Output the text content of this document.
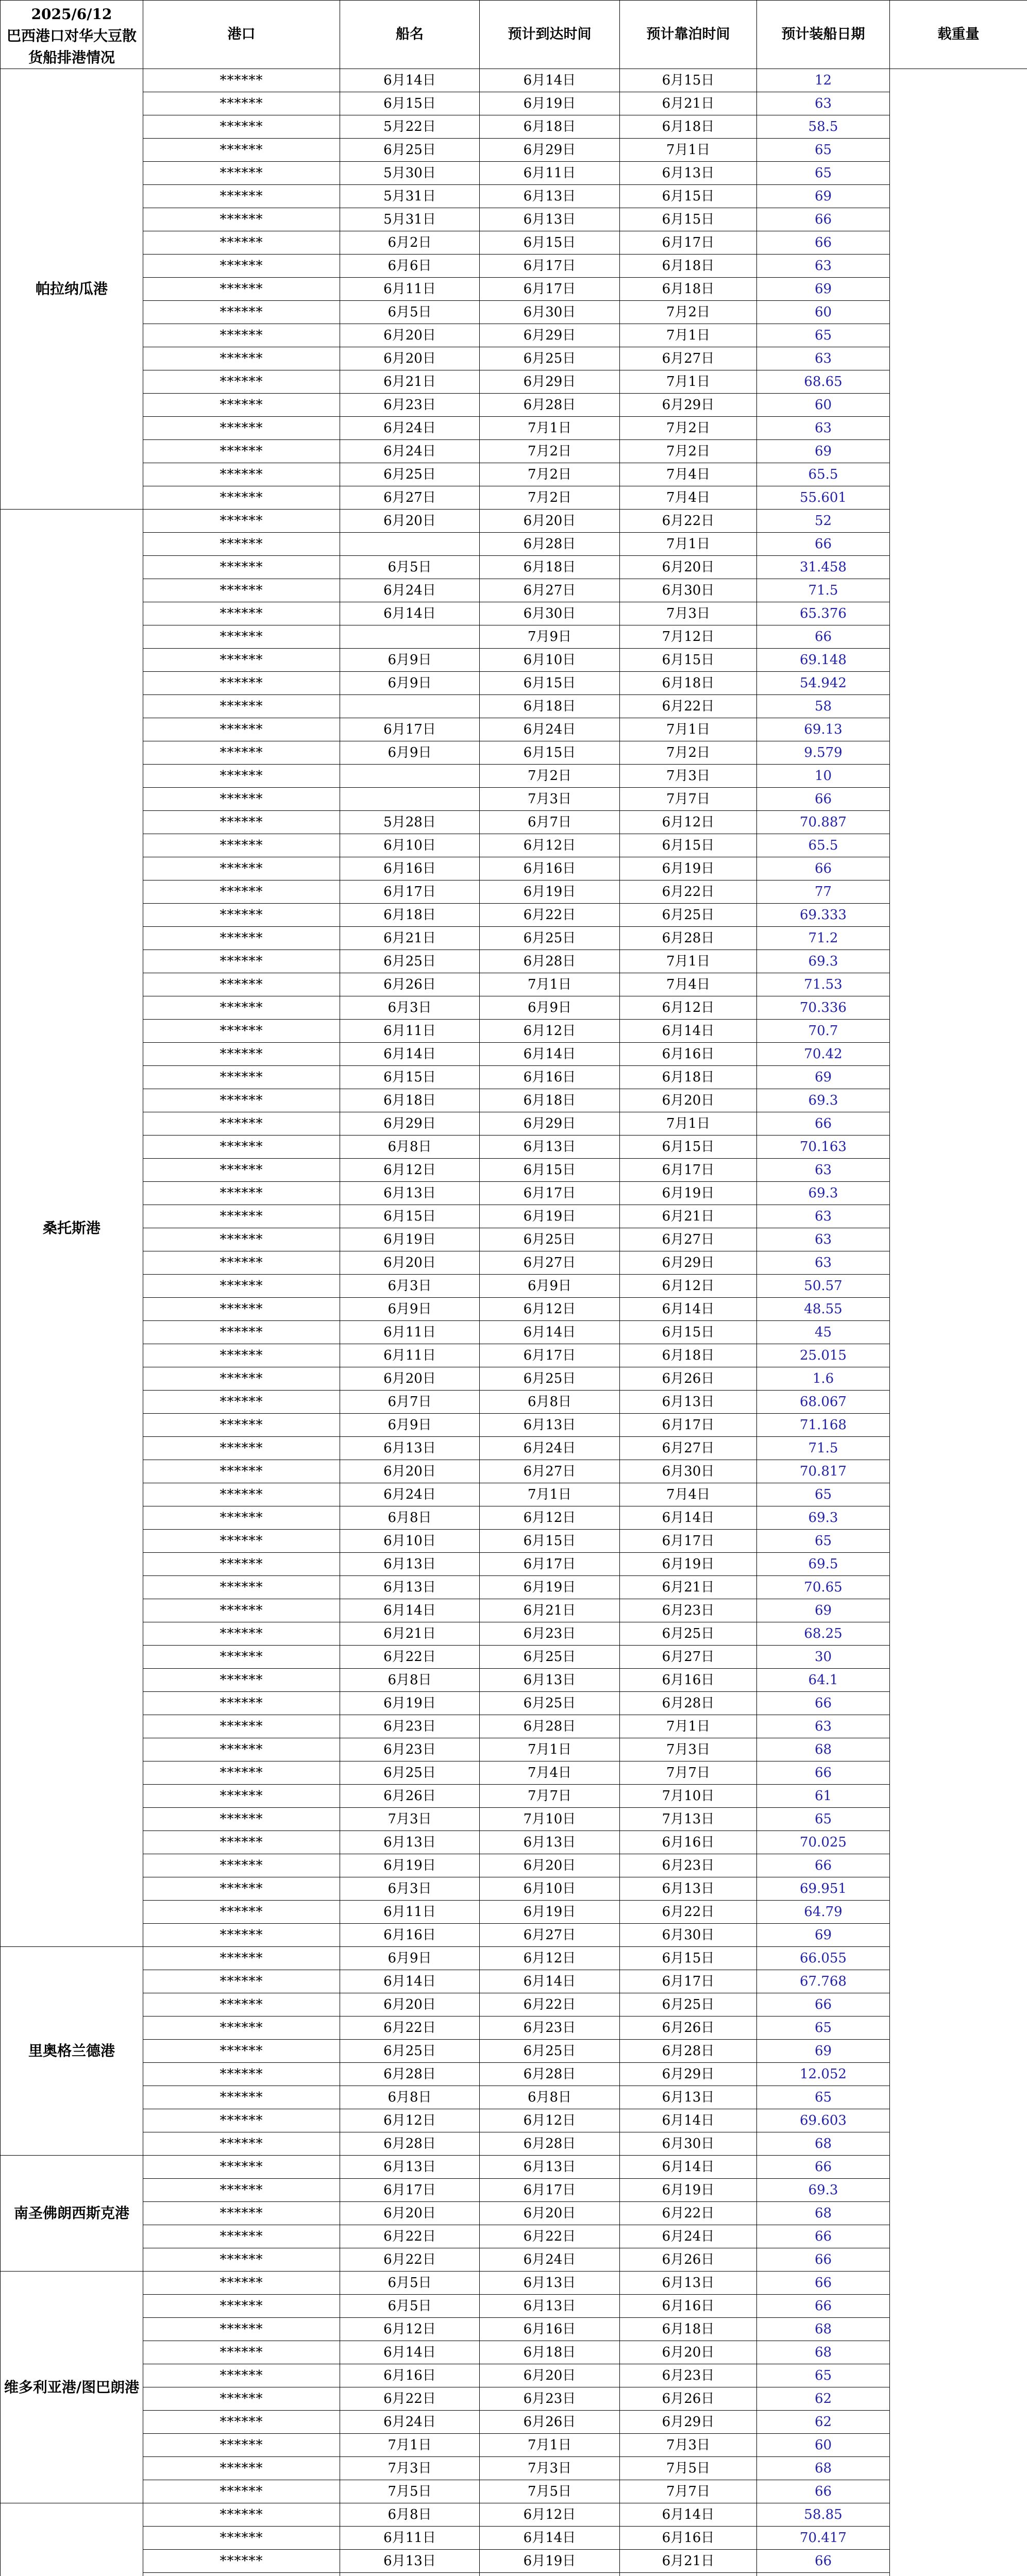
2025/6/12
巴西港口对华大豆散货船排港情况	港口	船名	预计到达时间	预计靠泊时间	预计装船日期	载重量
帕拉纳瓜港	******	6月14日	6月14日	6月15日	12	
	******	6月15日	6月19日	6月21日	63	
	******	5月22日	6月18日	6月18日	58.5	
	******	6月25日	6月29日	7月1日	65	
	******	5月30日	6月11日	6月13日	65	
	******	5月31日	6月13日	6月15日	69	
	******	5月31日	6月13日	6月15日	66	
	******	6月2日	6月15日	6月17日	66	
	******	6月6日	6月17日	6月18日	63	
	******	6月11日	6月17日	6月18日	69	
	******	6月5日	6月30日	7月2日	60	
	******	6月20日	6月29日	7月1日	65	
	******	6月20日	6月25日	6月27日	63	
	******	6月21日	6月29日	7月1日	68.65	
	******	6月23日	6月28日	6月29日	60	
	******	6月24日	7月1日	7月2日	63	
	******	6月24日	7月2日	7月2日	69	
	******	6月25日	7月2日	7月4日	65.5	
	******	6月27日	7月2日	7月4日	55.601	
桑托斯港	******	6月20日	6月20日	6月22日	52	
	******		6月28日	7月1日	66	
	******	6月5日	6月18日	6月20日	31.458	
	******	6月24日	6月27日	6月30日	71.5	
	******	6月14日	6月30日	7月3日	65.376	
	******		7月9日	7月12日	66	
	******	6月9日	6月10日	6月15日	69.148	
	******	6月9日	6月15日	6月18日	54.942	
	******		6月18日	6月22日	58	
	******	6月17日	6月24日	7月1日	69.13	
	******	6月9日	6月15日	7月2日	9.579	
	******		7月2日	7月3日	10	
	******		7月3日	7月7日	66	
	******	5月28日	6月7日	6月12日	70.887	
	******	6月10日	6月12日	6月15日	65.5	
	******	6月16日	6月16日	6月19日	66	
	******	6月17日	6月19日	6月22日	77	
	******	6月18日	6月22日	6月25日	69.333	
	******	6月21日	6月25日	6月28日	71.2	
	******	6月25日	6月28日	7月1日	69.3	
	******	6月26日	7月1日	7月4日	71.53	
	******	6月3日	6月9日	6月12日	70.336	
	******	6月11日	6月12日	6月14日	70.7	
	******	6月14日	6月14日	6月16日	70.42	
	******	6月15日	6月16日	6月18日	69	
	******	6月18日	6月18日	6月20日	69.3	
	******	6月29日	6月29日	7月1日	66	
	******	6月8日	6月13日	6月15日	70.163	
	******	6月12日	6月15日	6月17日	63	
	******	6月13日	6月17日	6月19日	69.3	
	******	6月15日	6月19日	6月21日	63	
	******	6月19日	6月25日	6月27日	63	
	******	6月20日	6月27日	6月29日	63	
	******	6月3日	6月9日	6月12日	50.57	
	******	6月9日	6月12日	6月14日	48.55	
	******	6月11日	6月14日	6月15日	45	
	******	6月11日	6月17日	6月18日	25.015	
	******	6月20日	6月25日	6月26日	1.6	
	******	6月7日	6月8日	6月13日	68.067	
	******	6月9日	6月13日	6月17日	71.168	
	******	6月13日	6月24日	6月27日	71.5	
	******	6月20日	6月27日	6月30日	70.817	
	******	6月24日	7月1日	7月4日	65	
	******	6月8日	6月12日	6月14日	69.3	
	******	6月10日	6月15日	6月17日	65	
	******	6月13日	6月17日	6月19日	69.5	
	******	6月13日	6月19日	6月21日	70.65	
	******	6月14日	6月21日	6月23日	69	
	******	6月21日	6月23日	6月25日	68.25	
	******	6月22日	6月25日	6月27日	30	
	******	6月8日	6月13日	6月16日	64.1	
	******	6月19日	6月25日	6月28日	66	
	******	6月23日	6月28日	7月1日	63	
	******	6月23日	7月1日	7月3日	68	
	******	6月25日	7月4日	7月7日	66	
	******	6月26日	7月7日	7月10日	61	
	******	7月3日	7月10日	7月13日	65	
	******	6月13日	6月13日	6月16日	70.025	
	******	6月19日	6月20日	6月23日	66	
	******	6月3日	6月10日	6月13日	69.951	
	******	6月11日	6月19日	6月22日	64.79	
	******	6月16日	6月27日	6月30日	69	
里奥格兰德港	******	6月9日	6月12日	6月15日	66.055	
	******	6月14日	6月14日	6月17日	67.768	
	******	6月20日	6月22日	6月25日	66	
	******	6月22日	6月23日	6月26日	65	
	******	6月25日	6月25日	6月28日	69	
	******	6月28日	6月28日	6月29日	12.052	
	******	6月8日	6月8日	6月13日	65	
	******	6月12日	6月12日	6月14日	69.603	
	******	6月28日	6月28日	6月30日	68	
南圣佛朗西斯克港	******	6月13日	6月13日	6月14日	66	
	******	6月17日	6月17日	6月19日	69.3	
	******	6月20日	6月20日	6月22日	68	
	******	6月22日	6月22日	6月24日	66	
	******	6月22日	6月24日	6月26日	66	
维多利亚港/图巴朗港	******	6月5日	6月13日	6月13日	66	
	******	6月5日	6月13日	6月16日	66	
	******	6月12日	6月16日	6月18日	68	
	******	6月14日	6月18日	6月20日	68	
	******	6月16日	6月20日	6月23日	65	
	******	6月22日	6月23日	6月26日	62	
	******	6月24日	6月26日	6月29日	62	
	******	7月1日	7月1日	7月3日	60	
	******	7月3日	7月3日	7月5日	68	
	******	7月5日	7月5日	7月7日	66	
	******	6月8日	6月12日	6月14日	58.85	
	******	6月11日	6月14日	6月16日	70.417	
	******	6月13日	6月19日	6月21日	66	
